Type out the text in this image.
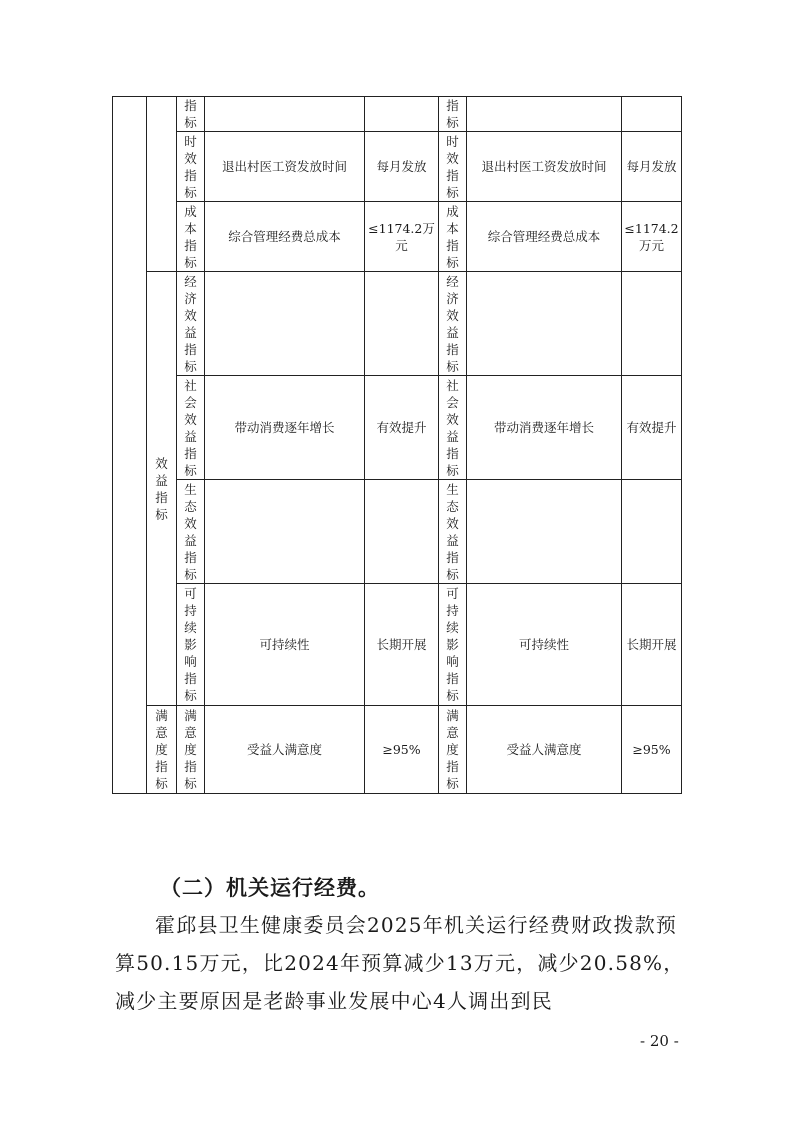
		指标			指标		

		时效指标	退出村医工资发放时间	每月发放	时效指标	退出村医工资发放时间	每月发放

		成本指标	综合管理经费总成本	≤1174.2万元	成本指标	综合管理经费总成本	≤1174.2万元

	效益指标	经济效益指标			经济效益指标		

		社会效益指标	带动消费逐年增长	有效提升	社会效益指标	带动消费逐年增长	有效提升

		生态效益指标			生态效益指标		

		可持续影响指标	可持续性	长期开展	可持续影响指标	可持续性	长期开展

	满意度指标	满意度指标	受益人满意度	≥95%	满意度指标	受益人满意度	≥95%
（二）机关运行经费。

霍邱县卫生健康委员会2025年机关运行经费财政拨款预算50.15万元，比2024年预算减少13万元，减少20.58%，减少主要原因是老龄事业发展中心4人调出到民

- 20 -
